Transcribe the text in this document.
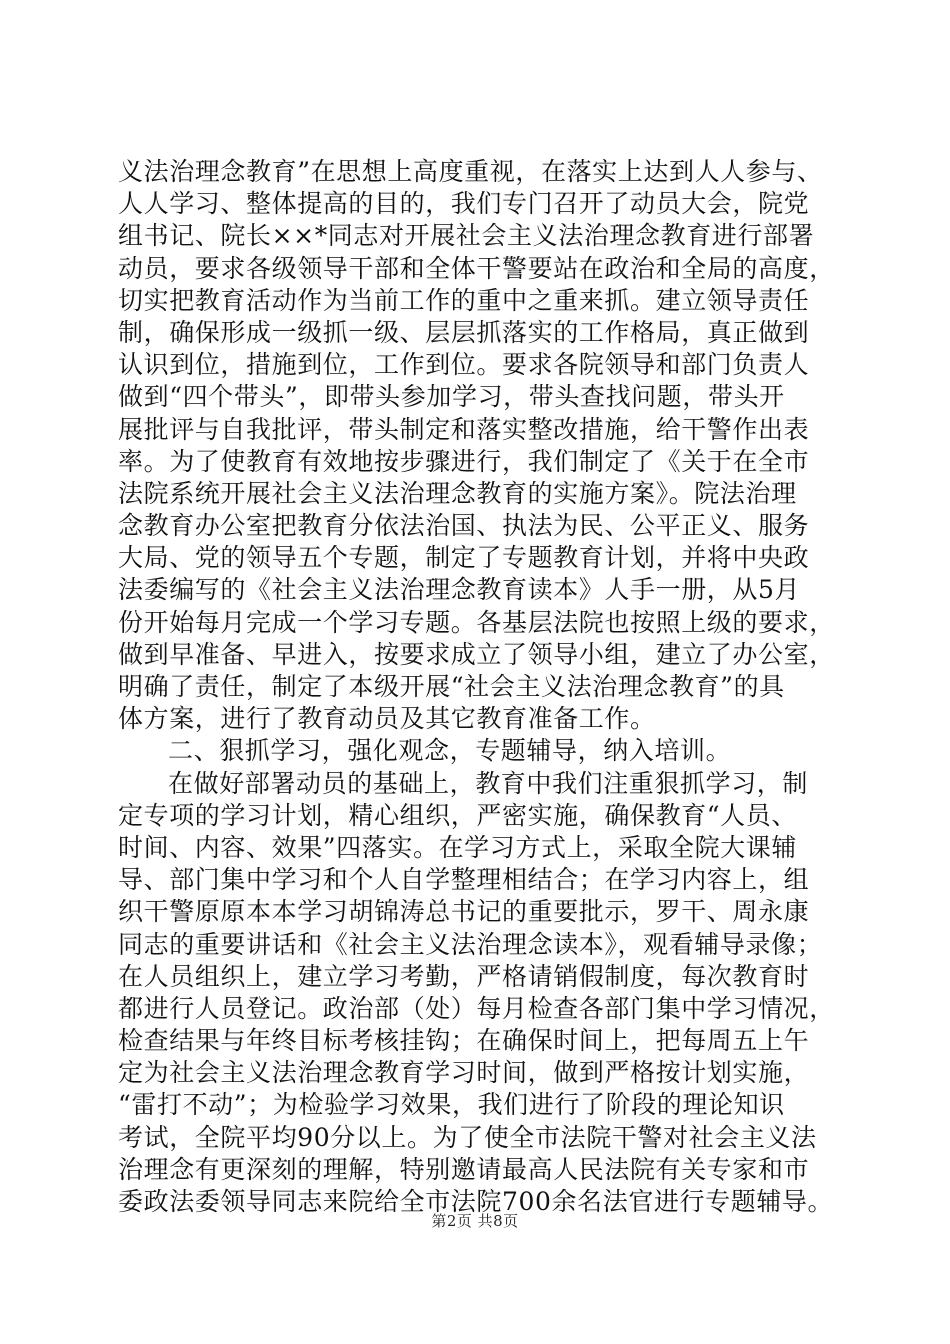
义法治理念教育”在思想上高度重视，在落实上达到人人参与、
人人学习、整体提高的目的，我们专门召开了动员大会，院党
组书记、院长××*同志对开展社会主义法治理念教育进行部署
动员，要求各级领导干部和全体干警要站在政治和全局的高度，
切实把教育活动作为当前工作的重中之重来抓。建立领导责任
制，确保形成一级抓一级、层层抓落实的工作格局，真正做到
认识到位，措施到位，工作到位。要求各院领导和部门负责人
做到“四个带头”，即带头参加学习，带头查找问题，带头开
展批评与自我批评，带头制定和落实整改措施，给干警作出表
率。为了使教育有效地按步骤进行，我们制定了《关于在全市
法院系统开展社会主义法治理念教育的实施方案》。院法治理
念教育办公室把教育分依法治国、执法为民、公平正义、服务
大局、党的领导五个专题，制定了专题教育计划，并将中央政
法委编写的《社会主义法治理念教育读本》人手一册，从5月
份开始每月完成一个学习专题。各基层法院也按照上级的要求，
做到早准备、早进入，按要求成立了领导小组，建立了办公室，
明确了责任，制定了本级开展“社会主义法治理念教育”的具
体方案，进行了教育动员及其它教育准备工作。
二、狠抓学习，强化观念，专题辅导，纳入培训。
在做好部署动员的基础上，教育中我们注重狠抓学习，制
定专项的学习计划，精心组织，严密实施，确保教育“人员、
时间、内容、效果”四落实。在学习方式上，采取全院大课辅
导、部门集中学习和个人自学整理相结合；在学习内容上，组
织干警原原本本学习胡锦涛总书记的重要批示，罗干、周永康
同志的重要讲话和《社会主义法治理念读本》，观看辅导录像；
在人员组织上，建立学习考勤，严格请销假制度，每次教育时
都进行人员登记。政治部（处）每月检查各部门集中学习情况，
检查结果与年终目标考核挂钩；在确保时间上，把每周五上午
定为社会主义法治理念教育学习时间，做到严格按计划实施，
“雷打不动”；为检验学习效果，我们进行了阶段的理论知识
考试，全院平均90分以上。为了使全市法院干警对社会主义法
治理念有更深刻的理解，特别邀请最高人民法院有关专家和市
委政法委领导同志来院给全市法院700余名法官进行专题辅导。
第2页 共8页
